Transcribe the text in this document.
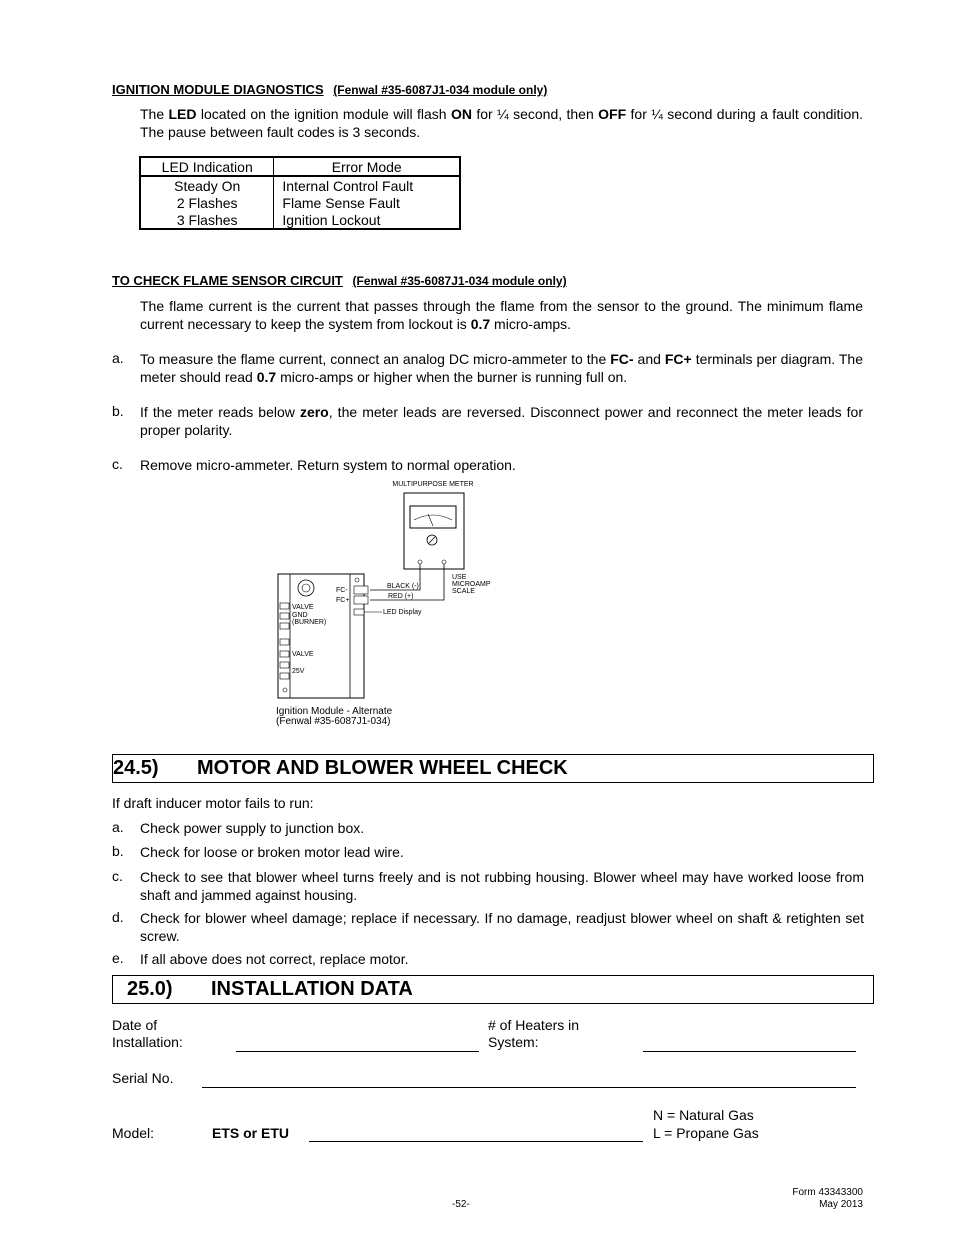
IGNITION MODULE DIAGNOSTICS (Fenwal #35-6087J1-034 module only)
The LED located on the ignition module will flash ON for ¼ second, then OFF for ¼ second during a fault condition. The pause between fault codes is 3 seconds.
LED Indication	Error Mode
Steady On	Internal Control Fault
2 Flashes	Flame Sense Fault
3 Flashes	Ignition Lockout
TO CHECK FLAME SENSOR CIRCUIT (Fenwal #35-6087J1-034 module only)
The flame current is the current that passes through the flame from the sensor to the ground. The minimum flame current necessary to keep the system from lockout is 0.7 micro-amps.
a. To measure the flame current, connect an analog DC micro-ammeter to the FC- and FC+ terminals per diagram. The meter should read 0.7 micro-amps or higher when the burner is running full on.
b. If the meter reads below zero, the meter leads are reversed. Disconnect power and reconnect the meter leads for proper polarity.
c. Remove micro-ammeter. Return system to normal operation.
MULTIPURPOSE METER
BLACK (-)
RED (+)
USE
MICROAMP
SCALE
FC-
FC+
LED Display
VALVE
GND
(BURNER)
VALVE
25V
Ignition Module - Alternate
(Fenwal #35-6087J1-034)
24.5) MOTOR AND BLOWER WHEEL CHECK
If draft inducer motor fails to run:
a. Check power supply to junction box.
b. Check for loose or broken motor lead wire.
c. Check to see that blower wheel turns freely and is not rubbing housing. Blower wheel may have worked loose from shaft and jammed against housing.
d. Check for blower wheel damage; replace if necessary. If no damage, readjust blower wheel on shaft & retighten set screw.
e. If all above does not correct, replace motor.
25.0) INSTALLATION DATA
Date of
Installation:
# of Heaters in
System:
Serial No.
Model:	ETS or ETU
N = Natural Gas
L = Propane Gas
-52-
Form 43343300
May 2013
